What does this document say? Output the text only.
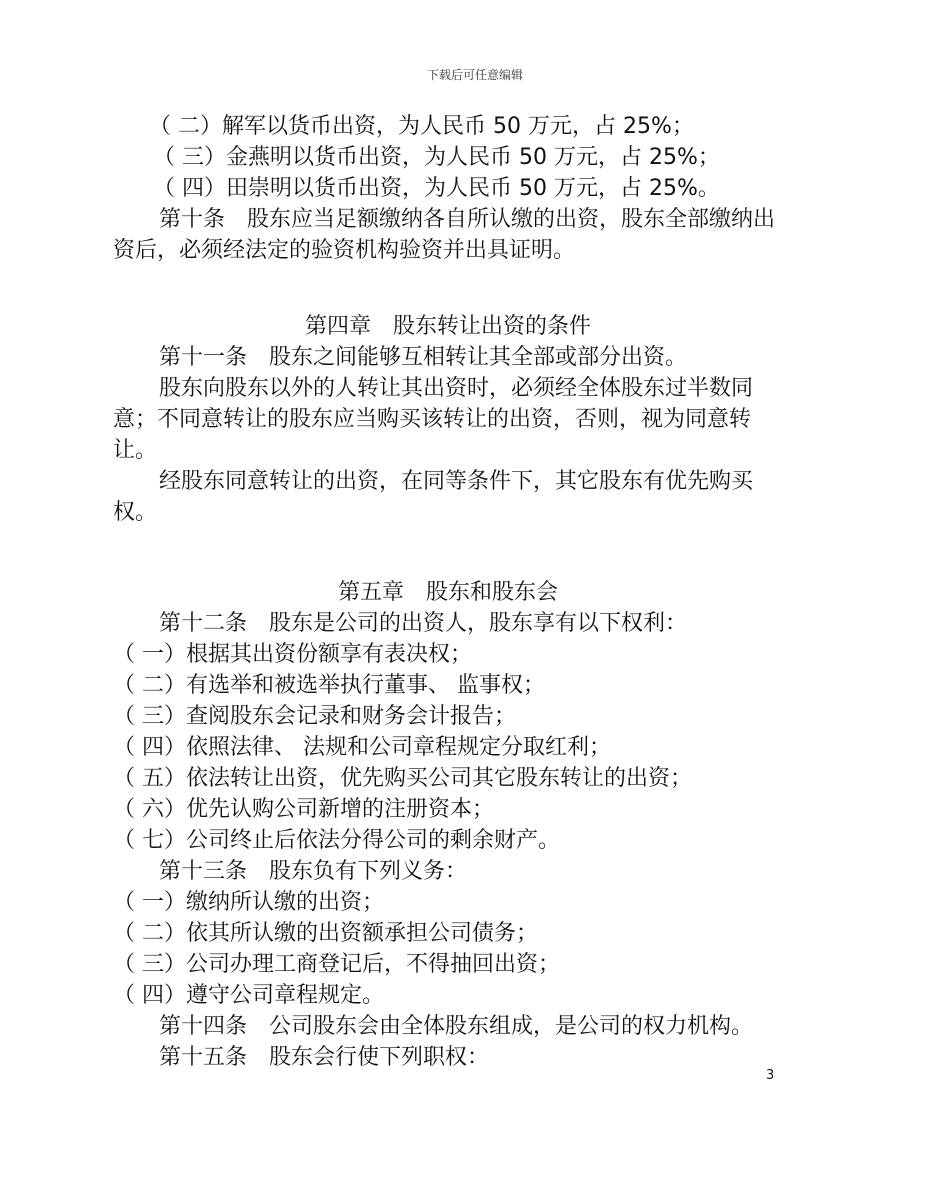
下载后可任意编辑

（ 二）解军以货币出资，为人民币 50 万元，占 25%；

（ 三）金燕明以货币出资，为人民币 50 万元，占 25%；

（ 四）田崇明以货币出资，为人民币 50 万元，占 25%。

第十条　股东应当足额缴纳各自所认缴的出资，股东全部缴纳出资后，必须经法定的验资机构验资并出具证明。

第四章　股东转让出资的条件

第十一条　股东之间能够互相转让其全部或部分出资。

股东向股东以外的人转让其出资时，必须经全体股东过半数同意；不同意转让的股东应当购买该转让的出资，否则，视为同意转让。

经股东同意转让的出资，在同等条件下，其它股东有优先购买权。

第五章　股东和股东会

第十二条　股东是公司的出资人，股东享有以下权利：

（ 一）根据其出资份额享有表决权；

（ 二）有选举和被选举执行董事、 监事权；

（ 三）查阅股东会记录和财务会计报告；

（ 四）依照法律、 法规和公司章程规定分取红利；

（ 五）依法转让出资，优先购买公司其它股东转让的出资；

（ 六）优先认购公司新增的注册资本；

（ 七）公司终止后依法分得公司的剩余财产。

第十三条　股东负有下列义务：

（ 一）缴纳所认缴的出资；

（ 二）依其所认缴的出资额承担公司债务；

（ 三）公司办理工商登记后，不得抽回出资；

（ 四）遵守公司章程规定。

第十四条　公司股东会由全体股东组成，是公司的权力机构。

第十五条　股东会行使下列职权：

3
